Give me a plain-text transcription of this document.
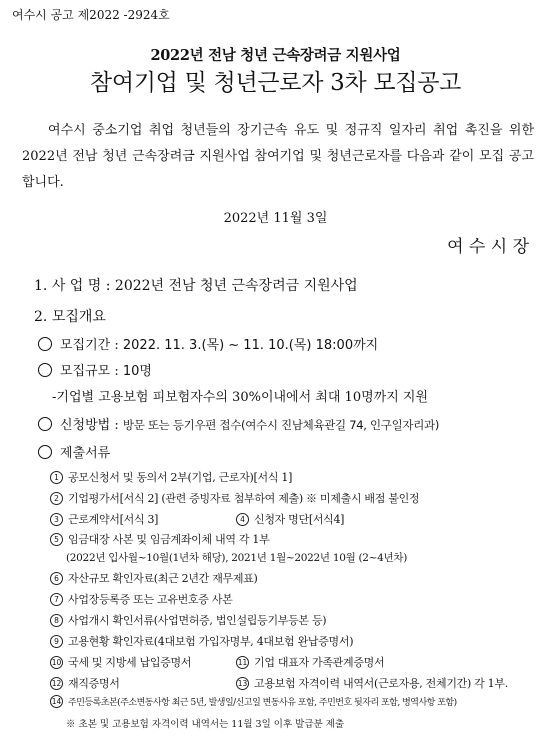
여수시 공고 제2022 -2924호
2022년 전남 청년 근속장려금 지원사업
참여기업 및 청년근로자 3차 모집공고
여수시 중소기업 취업 청년들의 장기근속 유도 및 정규직 일자리 취업 촉진을 위한 2022년 전남 청년 근속장려금 지원사업 참여기업 및 청년근로자를 다음과 같이 모집 공고합니다.
2022년 11월 3일
여 수 시 장
1. 사 업 명 : 2022년 전남 청년 근속장려금 지원사업
2. 모집개요
모집기간 : 2022. 11. 3.(목) ~ 11. 10.(목) 18:00까지
모집규모 : 10명
-기업별 고용보험 피보험자수의 30%이내에서 최대 10명까지 지원
신청방법 : 방문 또는 등기우편 접수(여수시 진남체육관길 74, 인구일자리과)
제출서류
1 공모신청서 및 동의서 2부(기업, 근로자)[서식 1]
2 기업평가서[서식 2] (관련 증빙자료 첨부하여 제출) ※ 미제출시 배점 불인정
3 근로계약서[서식 3]	4 신청자 명단[서식4]
5 임금대장 사본 및 임금계좌이체 내역 각 1부
(2022년 입사월~10월(1년차 해당), 2021년 1월~2022년 10월 (2~4년차)
6 자산규모 확인자료(최근 2년간 재무제표)
7 사업장등록증 또는 고유번호증 사본
8 사업개시 확인서류(사업면허증, 법인설립등기부등본 등)
9 고용현황 확인자료(4대보험 가입자명부, 4대보험 완납증명서)
10 국세 및 지방세 납입증명서	11 기업 대표자 가족관계증명서
12 재직증명서	13 고용보험 자격이력 내역서(근로자용, 전체기간) 각 1부.
14 주민등록초본(주소변동사항 최근 5년, 발생일/신고일 변동사유 포함, 주민번호 뒷자리 포함, 병역사항 포함)
※ 초본 및 고용보험 자격이력 내역서는 11월 3일 이후 발급분 제출
